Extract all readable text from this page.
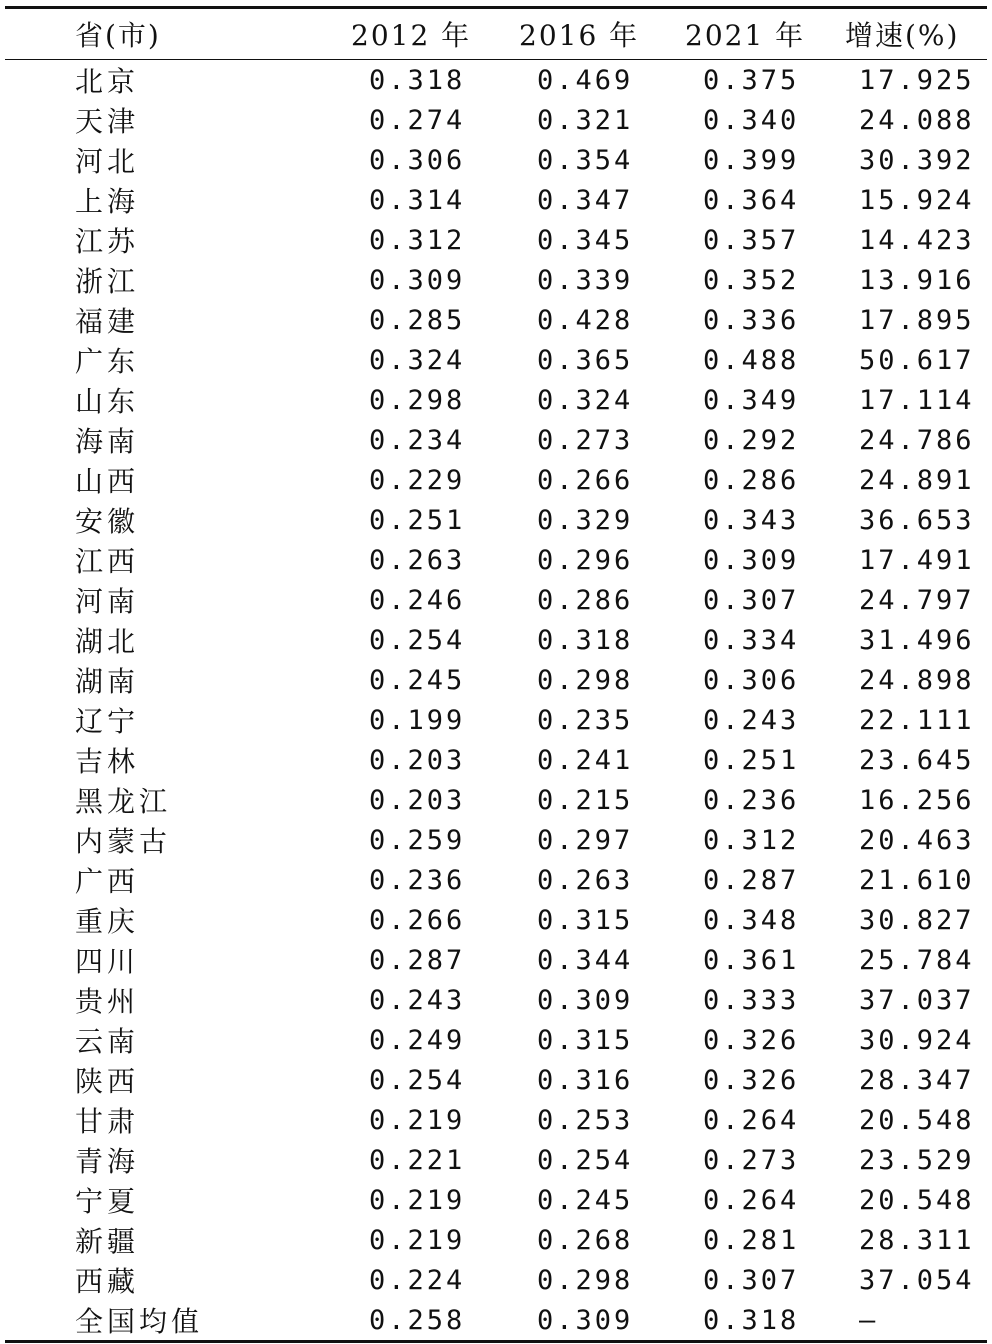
省(市)	2012 年	2016 年	2021 年	增速(%)
北京	0.318	0.469	0.375	17.925
天津	0.274	0.321	0.340	24.088
河北	0.306	0.354	0.399	30.392
上海	0.314	0.347	0.364	15.924
江苏	0.312	0.345	0.357	14.423
浙江	0.309	0.339	0.352	13.916
福建	0.285	0.428	0.336	17.895
广东	0.324	0.365	0.488	50.617
山东	0.298	0.324	0.349	17.114
海南	0.234	0.273	0.292	24.786
山西	0.229	0.266	0.286	24.891
安徽	0.251	0.329	0.343	36.653
江西	0.263	0.296	0.309	17.491
河南	0.246	0.286	0.307	24.797
湖北	0.254	0.318	0.334	31.496
湖南	0.245	0.298	0.306	24.898
辽宁	0.199	0.235	0.243	22.111
吉林	0.203	0.241	0.251	23.645
黑龙江	0.203	0.215	0.236	16.256
内蒙古	0.259	0.297	0.312	20.463
广西	0.236	0.263	0.287	21.610
重庆	0.266	0.315	0.348	30.827
四川	0.287	0.344	0.361	25.784
贵州	0.243	0.309	0.333	37.037
云南	0.249	0.315	0.326	30.924
陕西	0.254	0.316	0.326	28.347
甘肃	0.219	0.253	0.264	20.548
青海	0.221	0.254	0.273	23.529
宁夏	0.219	0.245	0.264	20.548
新疆	0.219	0.268	0.281	28.311
西藏	0.224	0.298	0.307	37.054
全国均值	0.258	0.309	0.318	—
